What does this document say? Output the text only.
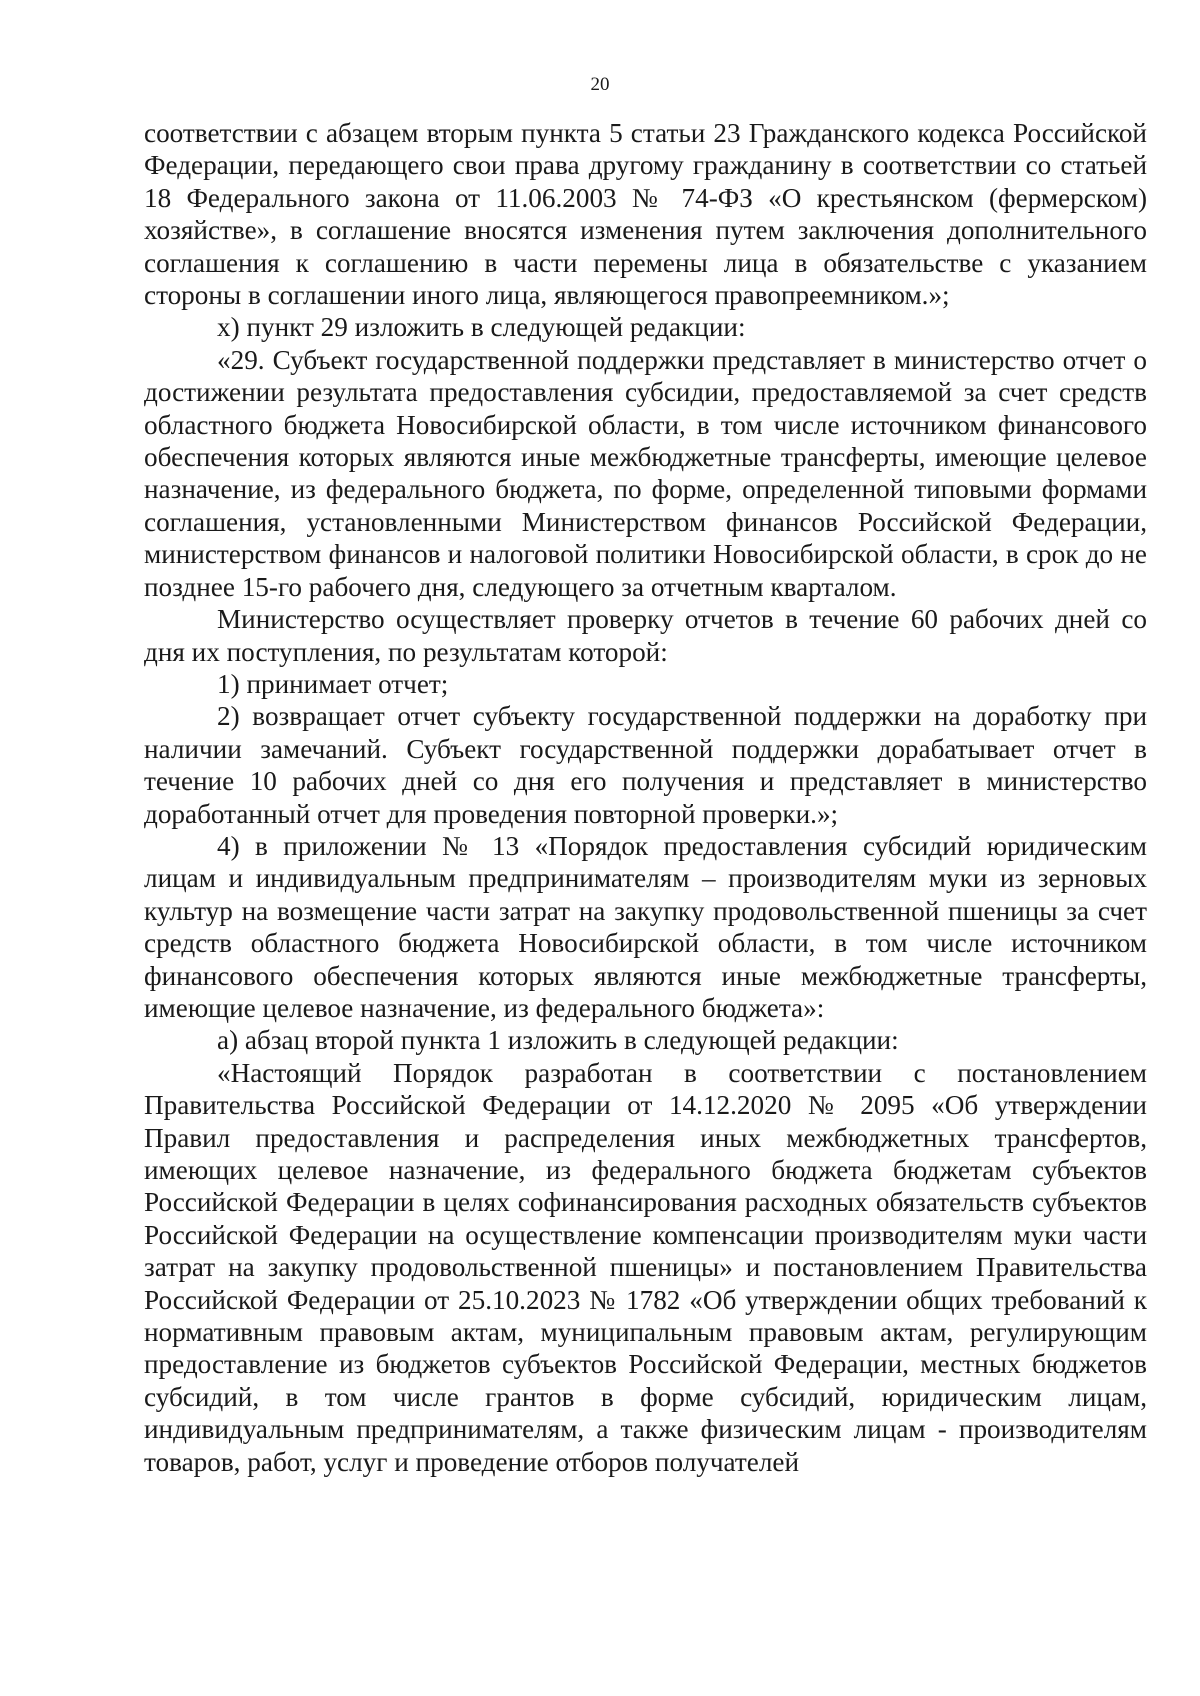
20

соответствии с абзацем вторым пункта 5 статьи 23 Гражданского кодекса Российской Федерации, передающего свои права другому гражданину в соответствии со статьей 18 Федерального закона от 11.06.2003 № 74-ФЗ «О крестьянском (фермерском) хозяйстве», в соглашение вносятся изменения путем заключения дополнительного соглашения к соглашению в части перемены лица в обязательстве с указанием стороны в соглашении иного лица, являющегося правопреемником.»;

х) пункт 29 изложить в следующей редакции:

«29. Субъект государственной поддержки представляет в министерство отчет о достижении результата предоставления субсидии, предоставляемой за счет средств областного бюджета Новосибирской области, в том числе источником финансового обеспечения которых являются иные межбюджетные трансферты, имеющие целевое назначение, из федерального бюджета, по форме, определенной типовыми формами соглашения, установленными Министерством финансов Российской Федерации, министерством финансов и налоговой политики Новосибирской области, в срок до не позднее 15-го рабочего дня, следующего за отчетным кварталом.

Министерство осуществляет проверку отчетов в течение 60 рабочих дней со дня их поступления, по результатам которой:

1) принимает отчет;

2) возвращает отчет субъекту государственной поддержки на доработку при наличии замечаний. Субъект государственной поддержки дорабатывает отчет в течение 10 рабочих дней со дня его получения и представляет в министерство доработанный отчет для проведения повторной проверки.»;

4) в приложении № 13 «Порядок предоставления субсидий юридическим лицам и индивидуальным предпринимателям – производителям муки из зерновых культур на возмещение части затрат на закупку продовольственной пшеницы за счет средств областного бюджета Новосибирской области, в том числе источником финансового обеспечения которых являются иные межбюджетные трансферты, имеющие целевое назначение, из федерального бюджета»:

а) абзац второй пункта 1 изложить в следующей редакции:

«Настоящий Порядок разработан в соответствии с постановлением Правительства Российской Федерации от 14.12.2020 № 2095 «Об утверждении Правил предоставления и распределения иных межбюджетных трансфертов, имеющих целевое назначение, из федерального бюджета бюджетам субъектов Российской Федерации в целях софинансирования расходных обязательств субъектов Российской Федерации на осуществление компенсации производителям муки части затрат на закупку продовольственной пшеницы» и постановлением Правительства Российской Федерации от 25.10.2023 № 1782 «Об утверждении общих требований к нормативным правовым актам, муниципальным правовым актам, регулирующим предоставление из бюджетов субъектов Российской Федерации, местных бюджетов субсидий, в том числе грантов в форме субсидий, юридическим лицам, индивидуальным предпринимателям, а также физическим лицам - производителям товаров, работ, услуг и проведение отборов получателей
